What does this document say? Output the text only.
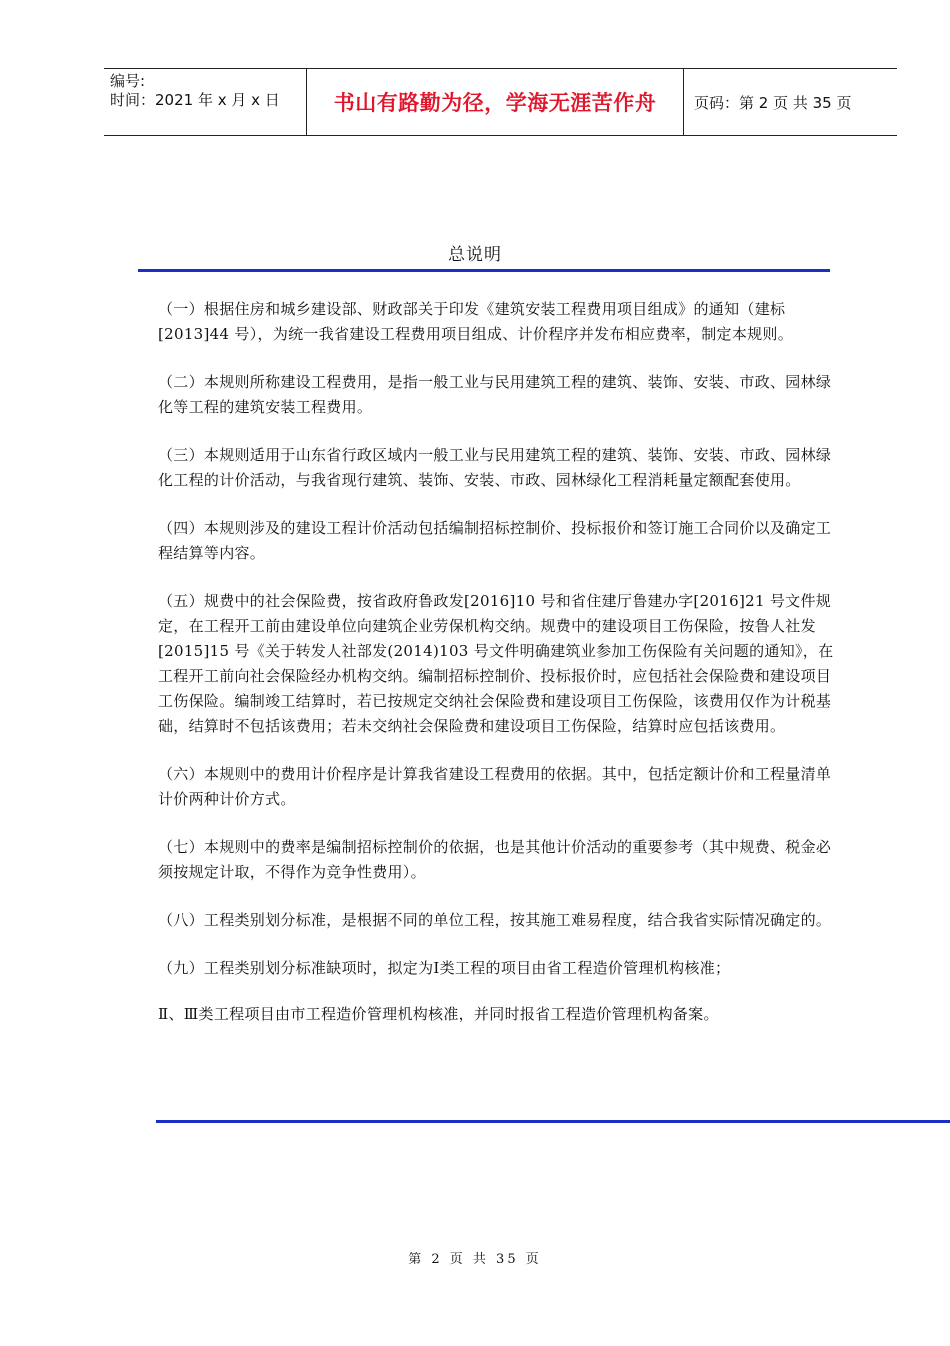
编号:
时间：2021 年 x 月 x 日	书山有路勤为径，学海无涯苦作舟	页码：第 2 页 共 35 页
总说明

（一）根据住房和城乡建设部、财政部关于印发《建筑安装工程费用项目组成》的通知（建标[2013]44 号），为统一我省建设工程费用项目组成、计价程序并发布相应费率，制定本规则。

（二）本规则所称建设工程费用，是指一般工业与民用建筑工程的建筑、装饰、安装、市政、园林绿化等工程的建筑安装工程费用。

（三）本规则适用于山东省行政区域内一般工业与民用建筑工程的建筑、装饰、安装、市政、园林绿化工程的计价活动，与我省现行建筑、装饰、安装、市政、园林绿化工程消耗量定额配套使用。

（四）本规则涉及的建设工程计价活动包括编制招标控制价、投标报价和签订施工合同价以及确定工程结算等内容。

（五）规费中的社会保险费，按省政府鲁政发[2016]10 号和省住建厅鲁建办字[2016]21 号文件规定，在工程开工前由建设单位向建筑企业劳保机构交纳。规费中的建设项目工伤保险，按鲁人社发[2015]15 号《关于转发人社部发(2014)103 号文件明确建筑业参加工伤保险有关问题的通知》，在工程开工前向社会保险经办机构交纳。编制招标控制价、投标报价时，应包括社会保险费和建设项目工伤保险。编制竣工结算时，若已按规定交纳社会保险费和建设项目工伤保险，该费用仅作为计税基础，结算时不包括该费用；若未交纳社会保险费和建设项目工伤保险，结算时应包括该费用。

（六）本规则中的费用计价程序是计算我省建设工程费用的依据。其中，包括定额计价和工程量清单计价两种计价方式。

（七）本规则中的费率是编制招标控制价的依据，也是其他计价活动的重要参考（其中规费、税金必须按规定计取，不得作为竞争性费用）。

（八）工程类别划分标准，是根据不同的单位工程，按其施工难易程度，结合我省实际情况确定的。

（九）工程类别划分标准缺项时，拟定为Ⅰ类工程的项目由省工程造价管理机构核准；

Ⅱ、Ⅲ类工程项目由市工程造价管理机构核准，并同时报省工程造价管理机构备案。

第 2 页 共 35 页
